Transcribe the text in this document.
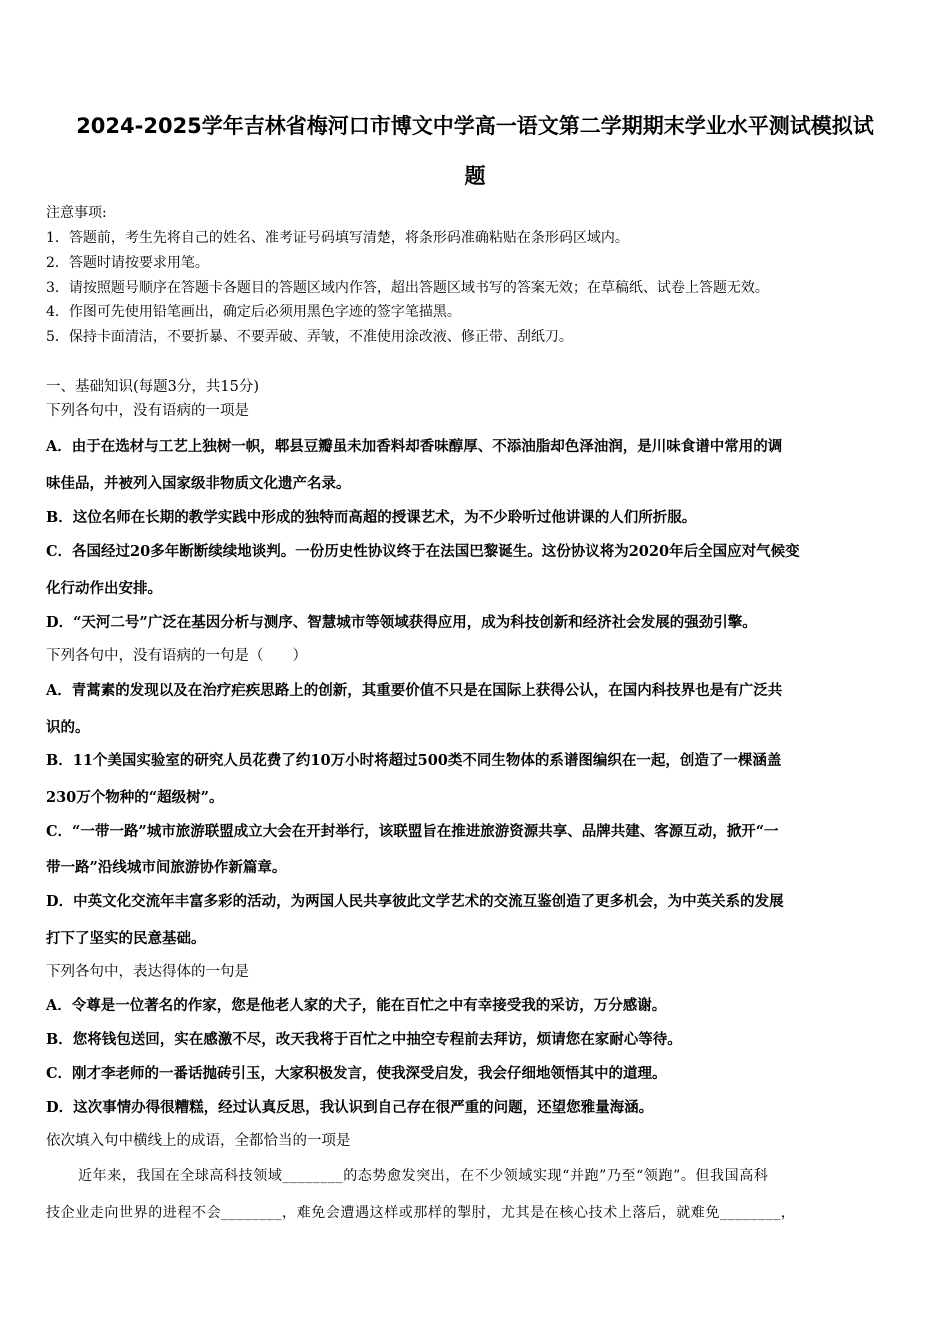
2024-2025学年吉林省梅河口市博文中学高一语文第二学期期末学业水平测试模拟试
题
注意事项:
1．答题前，考生先将自己的姓名、准考证号码填写清楚，将条形码准确粘贴在条形码区域内。
2．答题时请按要求用笔。
3．请按照题号顺序在答题卡各题目的答题区域内作答，超出答题区域书写的答案无效；在草稿纸、试卷上答题无效。
4．作图可先使用铅笔画出，确定后必须用黑色字迹的签字笔描黑。
5．保持卡面清洁，不要折暴、不要弄破、弄皱，不准使用涂改液、修正带、刮纸刀。
一、基础知识(每题3分，共15分)
下列各句中，没有语病的一项是
A．由于在选材与工艺上独树一帜，郫县豆瓣虽未加香料却香味醇厚、不添油脂却色泽油润，是川味食谱中常用的调
味佳品，并被列入国家级非物质文化遗产名录。
B．这位名师在长期的教学实践中形成的独特而高超的授课艺术，为不少聆听过他讲课的人们所折服。
C．各国经过20多年断断续续地谈判。一份历史性协议终于在法国巴黎诞生。这份协议将为2020年后全国应对气候变
化行动作出安排。
D．“天河二号”广泛在基因分析与测序、智慧城市等领域获得应用，成为科技创新和经济社会发展的强劲引擎。
下列各句中，没有语病的一句是（　　）
A．青蒿素的发现以及在治疗疟疾思路上的创新，其重要价值不只是在国际上获得公认，在国内科技界也是有广泛共
识的。
B．11个美国实验室的研究人员花费了约10万小时将超过500类不同生物体的系谱图编织在一起，创造了一棵涵盖
230万个物种的“超级树”。
C．“一带一路”城市旅游联盟成立大会在开封举行，该联盟旨在推进旅游资源共享、品牌共建、客源互动，掀开“一
带一路”沿线城市间旅游协作新篇章。
D．中英文化交流年丰富多彩的活动，为两国人民共享彼此文学艺术的交流互鉴创造了更多机会，为中英关系的发展
打下了坚实的民意基础。
下列各句中，表达得体的一句是
A．令尊是一位著名的作家，您是他老人家的犬子，能在百忙之中有幸接受我的采访，万分感谢。
B．您将钱包送回，实在感激不尽，改天我将于百忙之中抽空专程前去拜访，烦请您在家耐心等待。
C．刚才李老师的一番话抛砖引玉，大家积极发言，使我深受启发，我会仔细地领悟其中的道理。
D．这次事情办得很糟糕，经过认真反思，我认识到自己存在很严重的问题，还望您雅量海涵。
依次填入句中横线上的成语，全都恰当的一项是
近年来，我国在全球高科技领域________的态势愈发突出，在不少领域实现“并跑”乃至“领跑”。但我国高科
技企业走向世界的进程不会________，难免会遭遇这样或那样的掣肘，尤其是在核心技术上落后，就难免________，
